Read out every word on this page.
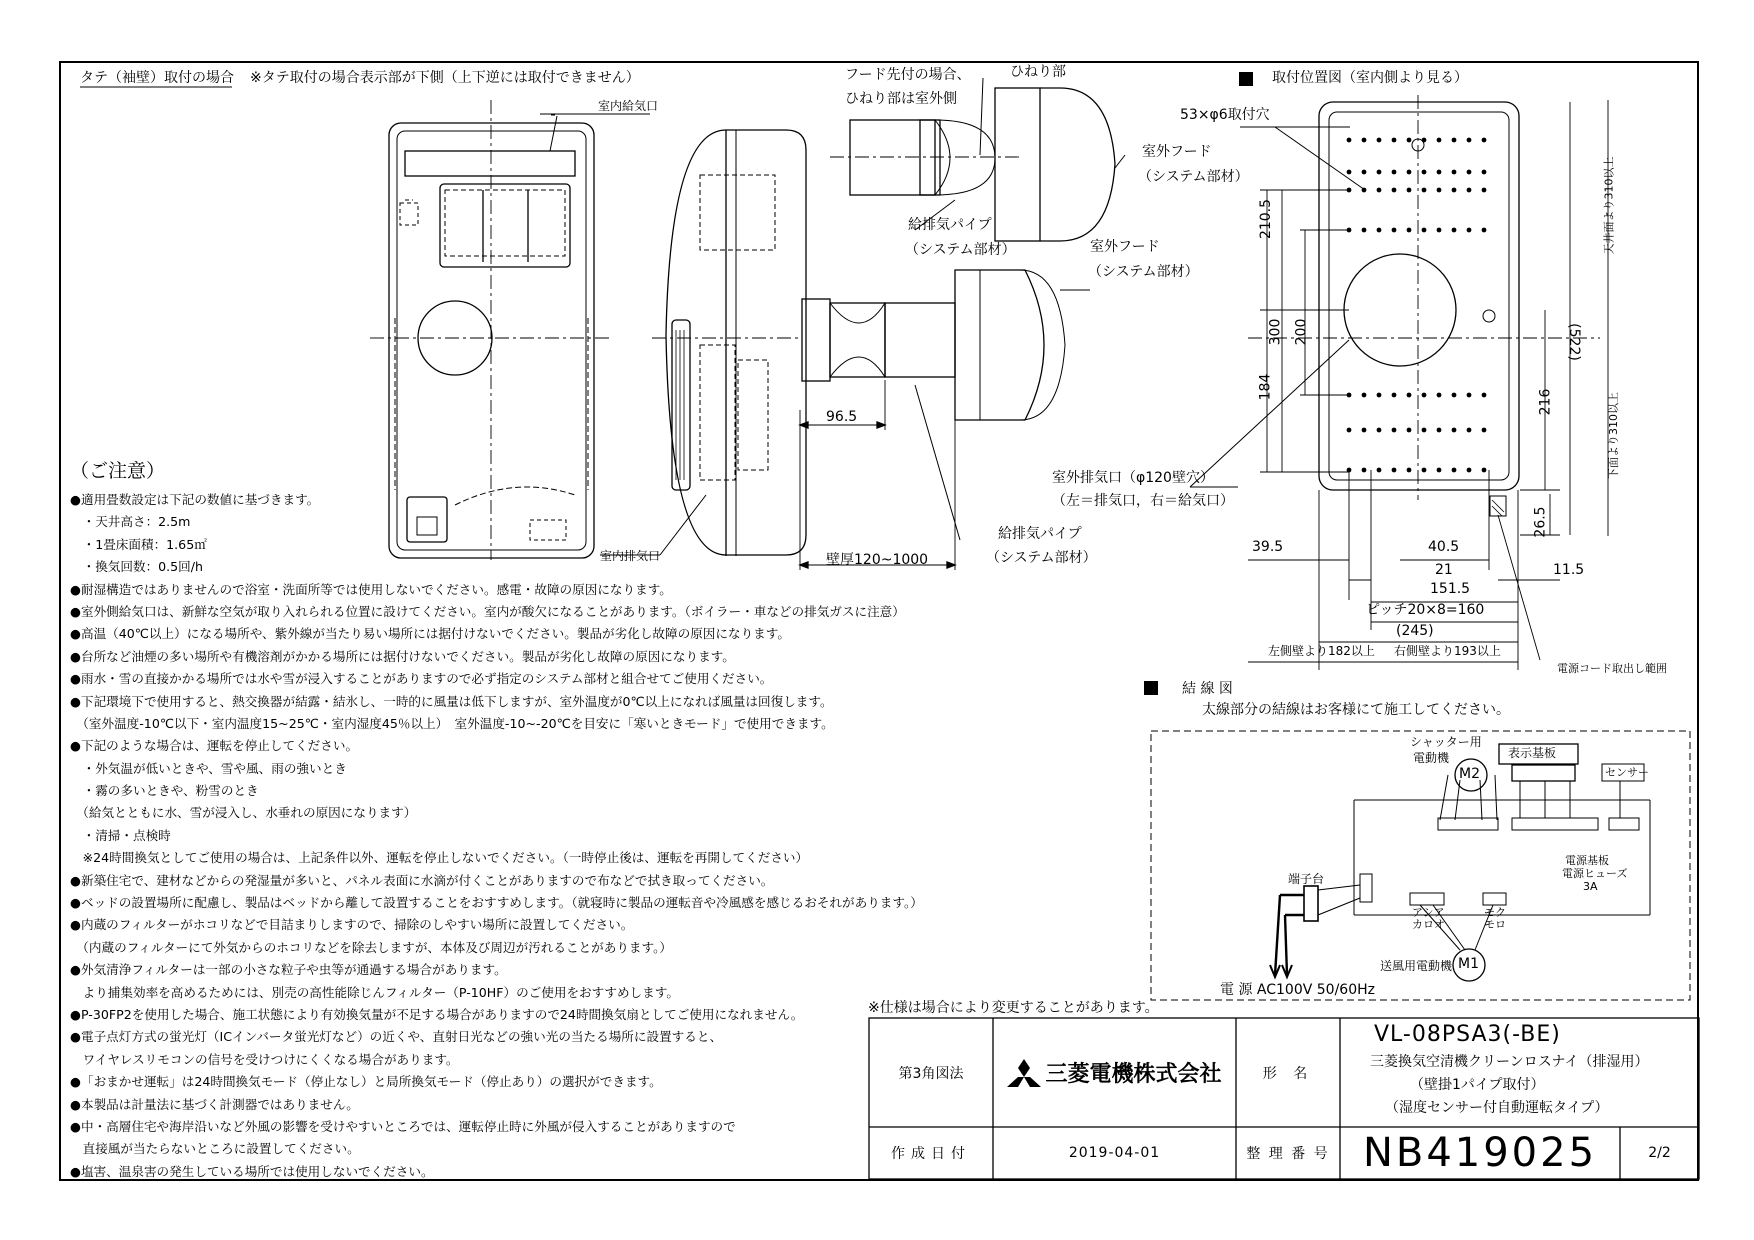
タテ（袖壁）取付の場合 ※タテ取付の場合表示部が下側（上下逆には取付できません）
室内給気口
室内排気口
フード先付の場合、
ひねり部は室外側
ひねり部
室外フード
（システム部材）
給排気パイプ
（システム部材）	室外フード
（システム部材）
96.5
給排気パイプ
（システム部材）
壁厚120~1000
取付位置図（室内側より見る）
53×φ6取付穴
室外排気口（φ120壁穴）
（左＝排気口，右＝給気口）
210.5
300 200
184
(522)
216
天井面より310以上
下面より310以上
39.5	40.5
26.5
21	11.5
151.5
ピッチ20×8=160
(245)
左側壁より182以上 右側壁より193以上
電源コード取出し範囲
結 線 図
太線部分の結線はお客様にて施工してください。
シャッター用
電動機
M2
表示基板
センサー
電源基板
電源ヒューズ
3A
端子台
アシア
カロオ
モク
モロ
送風用電動機 M1
電 源 AC100V 50/60Hz
※仕様は場合により変更することがあります。
（ご注意）
●適用畳数設定は下記の数値に基づきます。
　・天井高さ：2.5m
　・1畳床面積：1.65㎡
　・換気回数：0.5回/h
●耐湿構造ではありませんので浴室・洗面所等では使用しないでください。感電・故障の原因になります。
●室外側給気口は、新鮮な空気が取り入れられる位置に設けてください。室内が酸欠になることがあります。（ボイラー・車などの排気ガスに注意）
●高温（40℃以上）になる場所や、紫外線が当たり易い場所には据付けないでください。製品が劣化し故障の原因になります。
●台所など油煙の多い場所や有機溶剤がかかる場所には据付けないでください。製品が劣化し故障の原因になります。
●雨水・雪の直接かかる場所では水や雪が浸入することがありますので必ず指定のシステム部材と組合せてご使用ください。
●下記環境下で使用すると、熱交換器が結露・結氷し、一時的に風量は低下しますが、室外温度が0℃以上になれば風量は回復します。
　（室外温度-10℃以下・室内温度15~25℃・室内湿度45％以上）　室外温度-10~-20℃を目安に「寒いときモード」で使用できます。
●下記のような場合は、運転を停止してください。
　・外気温が低いときや、雪や風、雨の強いとき
　・霧の多いときや、粉雪のとき
　（給気とともに水、雪が浸入し、水垂れの原因になります）
　・清掃・点検時
　※24時間換気としてご使用の場合は、上記条件以外、運転を停止しないでください。（一時停止後は、運転を再開してください）
●新築住宅で、建材などからの発湿量が多いと、パネル表面に水滴が付くことがありますので布などで拭き取ってください。
●ベッドの設置場所に配慮し、製品はベッドから離して設置することをおすすめします。（就寝時に製品の運転音や冷風感を感じるおそれがあります。）
●内蔵のフィルターがホコリなどで目詰まりしますので、掃除のしやすい場所に設置してください。
　（内蔵のフィルターにて外気からのホコリなどを除去しますが、本体及び周辺が汚れることがあります。）
●外気清浄フィルターは一部の小さな粒子や虫等が通過する場合があります。
　より捕集効率を高めるためには、別売の高性能除じんフィルター（P-10HF）のご使用をおすすめします。
●P-30FP2を使用した場合、施工状態により有効換気量が不足する場合がありますので24時間換気扇としてご使用になれません。
●電子点灯方式の蛍光灯（ICインバータ蛍光灯など）の近くや、直射日光などの強い光の当たる場所に設置すると、
　ワイヤレスリモコンの信号を受けつけにくくなる場合があります。
●「おまかせ運転」は24時間換気モード（停止なし）と局所換気モード（停止あり）の選択ができます。
●本製品は計量法に基づく計測器ではありません。
●中・高層住宅や海岸沿いなど外風の影響を受けやすいところでは、運転停止時に外風が侵入することがありますので
　直接風が当たらないところに設置してください。
●塩害、温泉害の発生している場所では使用しないでください。
第3角図法	三菱電機株式会社	形 名
VL-08PSA3(-BE)
三菱換気空清機クリーンロスナイ（排湿用）
（壁掛1パイプ取付）
（湿度センサー付自動運転タイプ）
作成日付	2019-04-01	整 理 番 号 NB419025	2/2
